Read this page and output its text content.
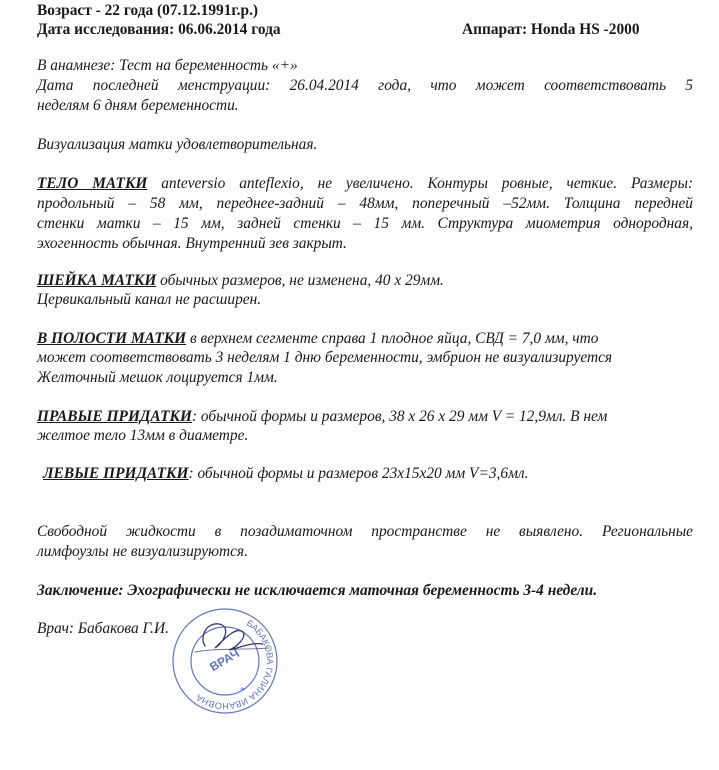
Возраст - 22 года (07.12.1991г.р.)
Дата исследования: 06.06.2014 года	Аппарат: Honda HS -2000
В анамнезе: Тест на беременность «+»
Дата последней менструации: 26.04.2014 года, что может соответствовать 5
неделям 6 дням беременности.
Визуализация матки удовлетворительная.
ТЕЛО МАТКИ anteversio anteflexio, не увеличено. Контуры ровные, четкие. Размеры:
продольный – 58 мм, переднее-задний – 48мм, поперечный –52мм. Толщина передней
стенки матки – 15 мм, задней стенки – 15 мм. Структура миометрия однородная,
эхогенность обычная. Внутренний зев закрыт.
ШЕЙКА МАТКИ обычных размеров, не изменена, 40 x 29мм.
Цервикальный канал не расширен.
В ПОЛОСТИ МАТКИ в верхнем сегменте справа 1 плодное яйца, СВД = 7,0 мм, что
может соответствовать 3 неделям 1 дню беременности, эмбрион не визуализируется
Желточный мешок лоцируется 1мм.
ПРАВЫЕ ПРИДАТКИ: обычной формы и размеров, 38 x 26 x 29 мм V = 12,9мл. В нем
желтое тело 13мм в диаметре.
ЛЕВЫЕ ПРИДАТКИ: обычной формы и размеров 23х15х20 мм V=3,6мл.
Свободной жидкости в позадиматочном пространстве не выявлено. Региональные
лимфоузлы не визуализируются.
Заключение: Эхографически не исключается маточная беременность 3-4 недели.
Врач: Бабакова Г.И.	БАБАКОВА ГАЛИНА ИВАНОВНА
ВРАЧ
*
